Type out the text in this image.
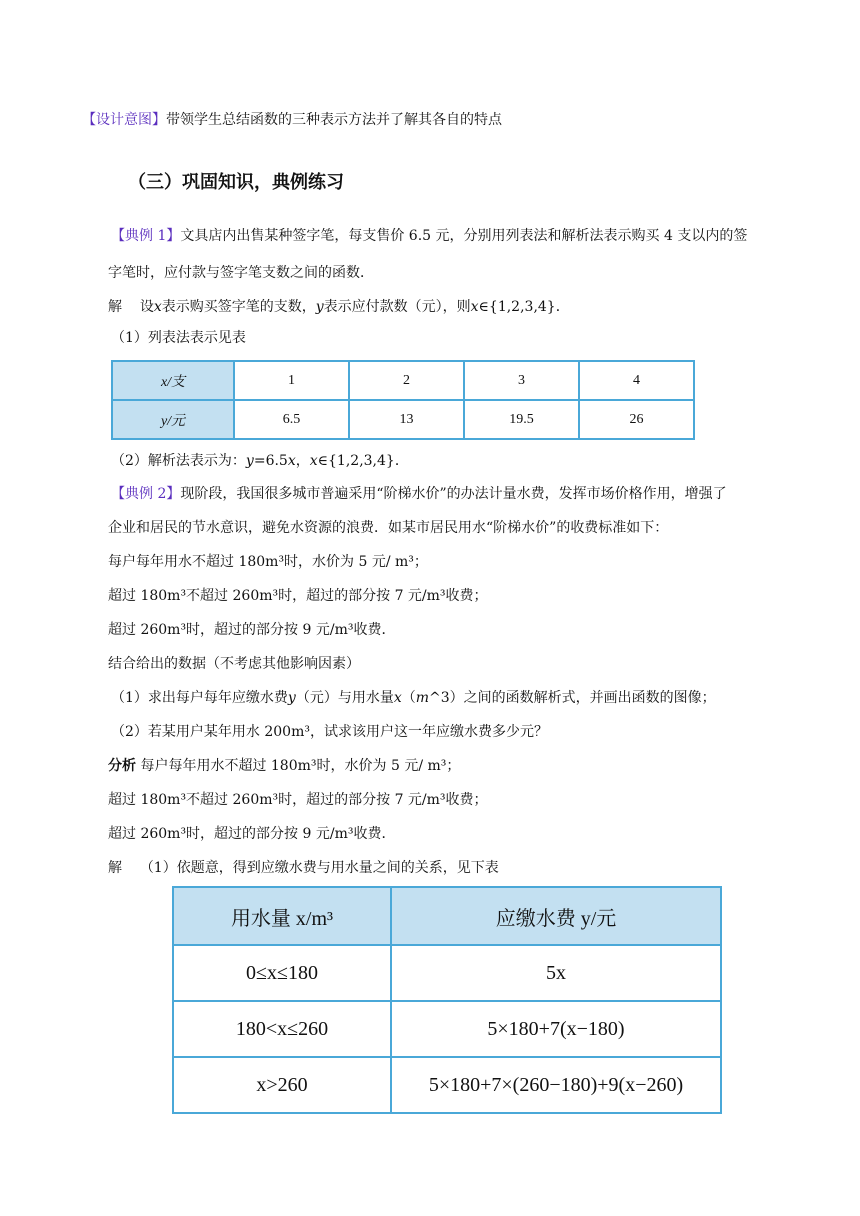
【设计意图】带领学生总结函数的三种表示方法并了解其各自的特点
（三）巩固知识，典例练习
【典例 1】文具店内出售某种签字笔，每支售价 6.5 元，分别用列表法和解析法表示购买 4 支以内的签
字笔时，应付款与签字笔支数之间的函数．
解 设x表示购买签字笔的支数，y表示应付款数（元），则x∈{1,2,3,4}．
（1）列表法表示见表
x/支	1	2	3	4
y/元	6.5	13	19.5	26
（2）解析法表示为：y=6.5x，x∈{1,2,3,4}．
【典例 2】现阶段，我国很多城市普遍采用“阶梯水价”的办法计量水费，发挥市场价格作用，增强了
企业和居民的节水意识，避免水资源的浪费．如某市居民用水“阶梯水价”的收费标准如下：
每户每年用水不超过 180m³时，水价为 5 元/ m³；
超过 180m³不超过 260m³时，超过的部分按 7 元/m³收费；
超过 260m³时，超过的部分按 9 元/m³收费．
结合给出的数据（不考虑其他影响因素）
（1）求出每户每年应缴水费y（元）与用水量x（m^3）之间的函数解析式，并画出函数的图像；
（2）若某用户某年用水 200m³，试求该用户这一年应缴水费多少元？
分析 每户每年用水不超过 180m³时，水价为 5 元/ m³；
超过 180m³不超过 260m³时，超过的部分按 7 元/m³收费；
超过 260m³时，超过的部分按 9 元/m³收费．
解 （1）依题意，得到应缴水费与用水量之间的关系，见下表
用水量 x/m³	应缴水费 y/元
0≤x≤180	5x
180<x≤260	5×180+7(x−180)
x>260	5×180+7×(260−180)+9(x−260)
